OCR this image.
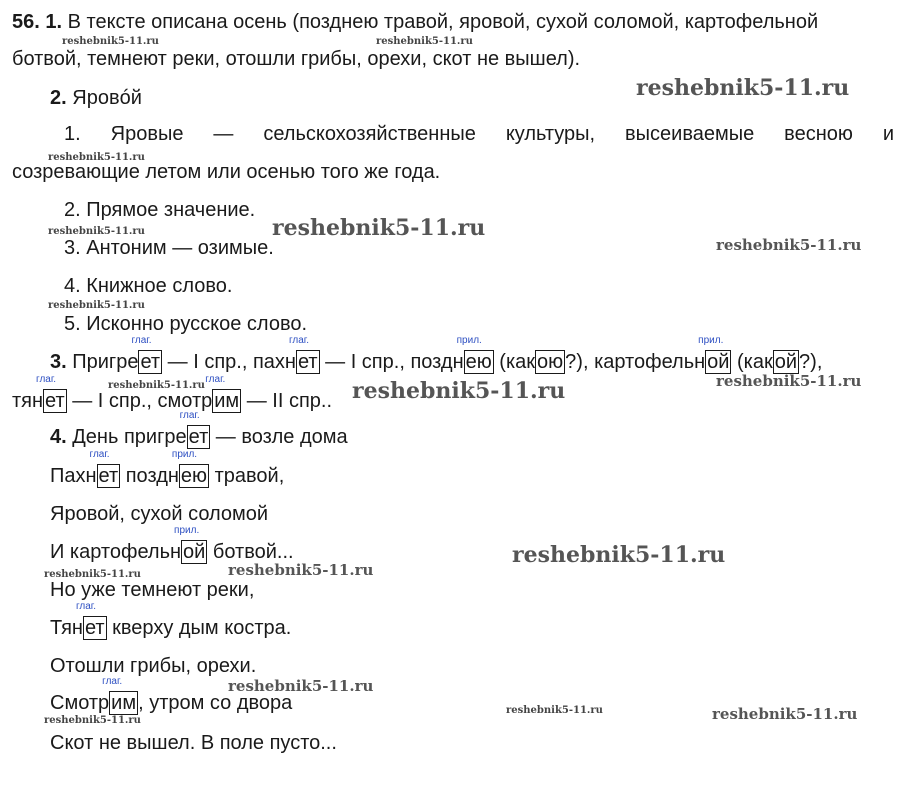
56. 1. В тексте описана осень (позднею травой, яровой, сухой соломой, картофельной
ботвой, темнеют реки, отошли грибы, орехи, скот не вышел).
2. Яровóй
1. Яровые — сельскохозяйственные культуры, высеиваемые весною и
созревающие летом или осенью того же года.
2. Прямое значение.
3. Антоним — озимые.
4. Книжное слово.
5. Исконно русское слово.
3. Пригре
глаг.
ет — I спр., пахн
глаг.
ет — I спр., поздн
прил.
ею (как ою ?), картофельн
прил.
ой (как ой ?),
тян
глаг.
ет — I спр., смотр
глаг.
им — II спр..
4. День пригре
глаг.
ет — возле дома
Пахн
глаг.
ет поздн
прил.
ею травой,
Яровой, сухой соломой
И картофельн
прил.
ой ботвой...
Но уже темнеют реки,
Тян
глаг.
ет кверху дым костра.
Отошли грибы, орехи.
Смотр
глаг.
им , утром со двора
Скот не вышел. В поле пусто...
reshebnik5-11.ru	reshebnik5-11.ru
reshebnik5-11.ru
reshebnik5-11.ru
reshebnik5-11.ru
reshebnik5-11.ru
reshebnik5-11.ru
reshebnik5-11.ru
reshebnik5-11.ru
reshebnik5-11.ru	reshebnik5-11.ru
reshebnik5-11.ru
reshebnik5-11.ru
reshebnik5-11.ru
reshebnik5-11.ru
reshebnik5-11.ru	reshebnik5-11.ru
reshebnik5-11.ru
